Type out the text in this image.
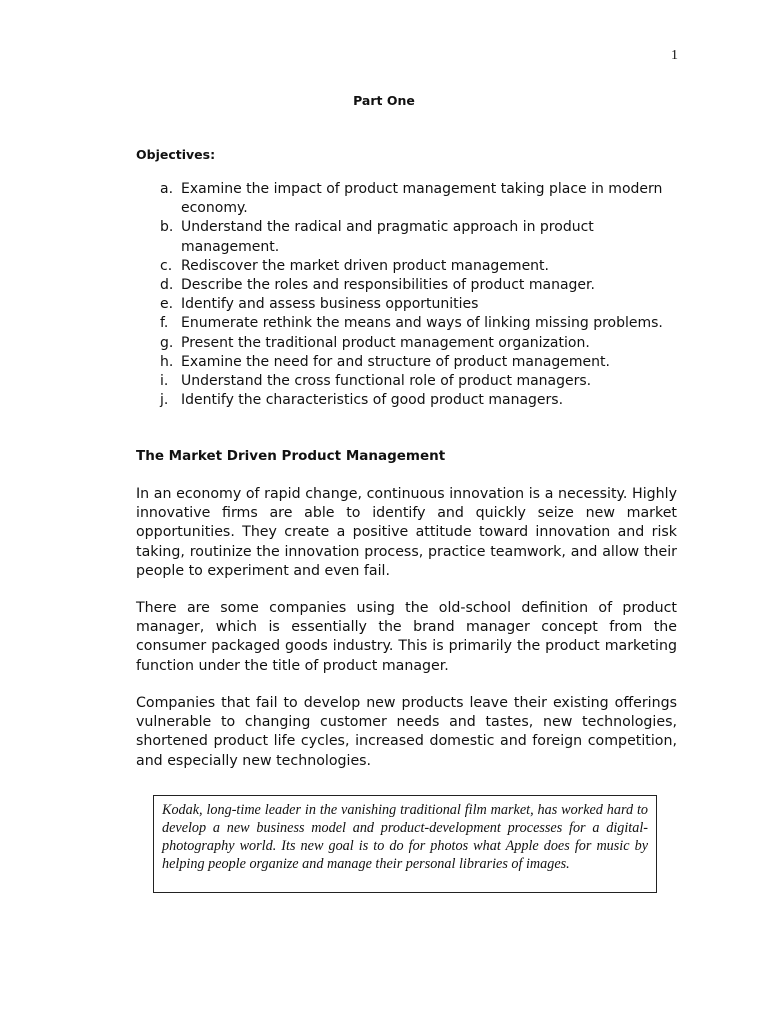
1
Part One
Objectives:
a. Examine the impact of product management taking place in modern economy.
b. Understand the radical and pragmatic approach in product management.
c. Rediscover the market driven product management.
d. Describe the roles and responsibilities of product manager.
e. Identify and assess business opportunities
f. Enumerate rethink the means and ways of linking missing problems.
g. Present the traditional product management organization.
h. Examine the need for and structure of product management.
i. Understand the cross functional role of product managers.
j. Identify the characteristics of good product managers.
The Market Driven Product Management

In an economy of rapid change, continuous innovation is a necessity. Highly innovative firms are able to identify and quickly seize new market opportunities. They create a positive attitude toward innovation and risk taking, routinize the innovation process, practice teamwork, and allow their people to experiment and even fail.

There are some companies using the old-school definition of product manager, which is essentially the brand manager concept from the consumer packaged goods industry. This is primarily the product marketing function under the title of product manager.

Companies that fail to develop new products leave their existing offerings vulnerable to changing customer needs and tastes, new technologies, shortened product life cycles, increased domestic and foreign competition, and especially new technologies.

Kodak, long-time leader in the vanishing traditional film market, has worked hard to develop a new business model and product-development processes for a digital-photography world. Its new goal is to do for photos what Apple does for music by helping people organize and manage their personal libraries of images.
